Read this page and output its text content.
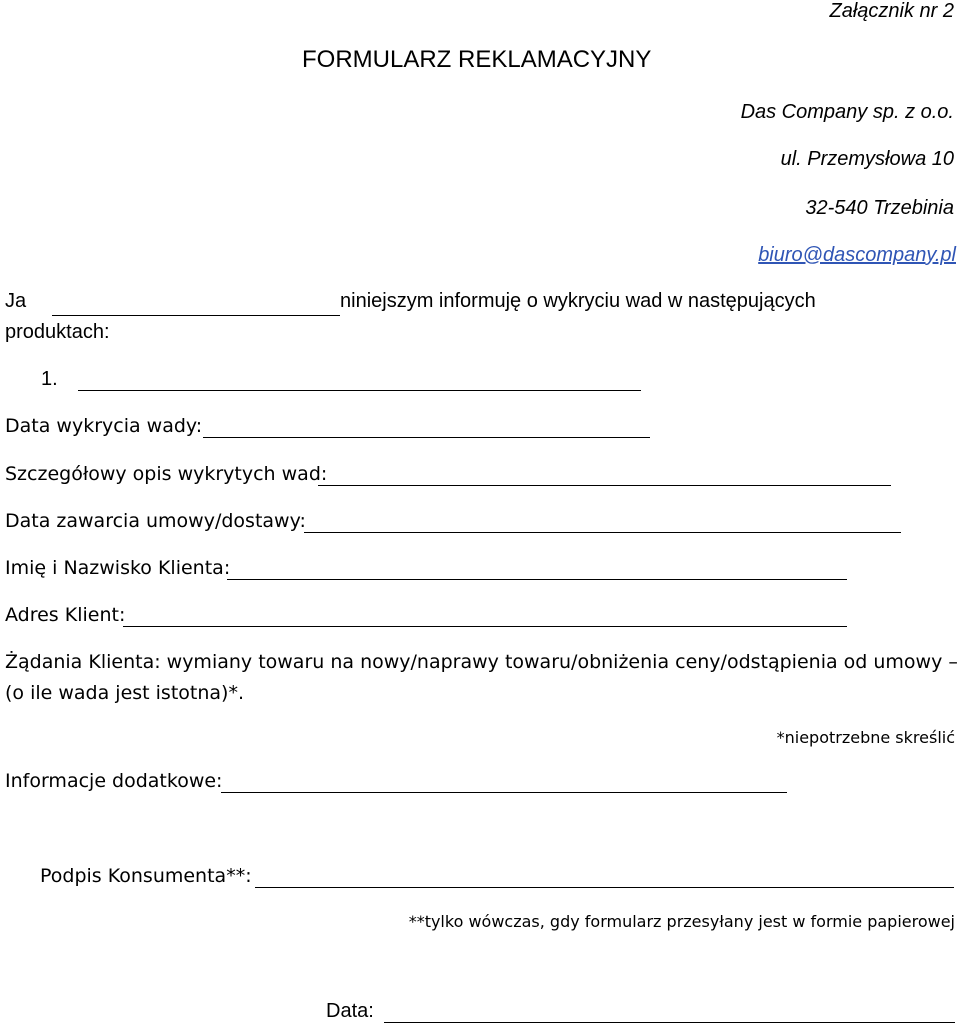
Załącznik nr 2
FORMULARZ REKLAMACYJNY
Das Company sp. z o.o.
ul. Przemysłowa 10
32-540 Trzebinia
biuro@dascompany.pl
Ja	niniejszym informuję o wykryciu wad w następujących
produktach:
1.
Data wykrycia wady:
Szczegółowy opis wykrytych wad:
Data zawarcia umowy/dostawy:
Imię i Nazwisko Klienta:
Adres Klient:
Żądania Klienta: wymiany towaru na nowy/naprawy towaru/obniżenia ceny/odstąpienia od umowy –
(o ile wada jest istotna)*.
*niepotrzebne skreślić
Informacje dodatkowe:
Podpis Konsumenta**:
**tylko wówczas, gdy formularz przesyłany jest w formie papierowej
Data:
